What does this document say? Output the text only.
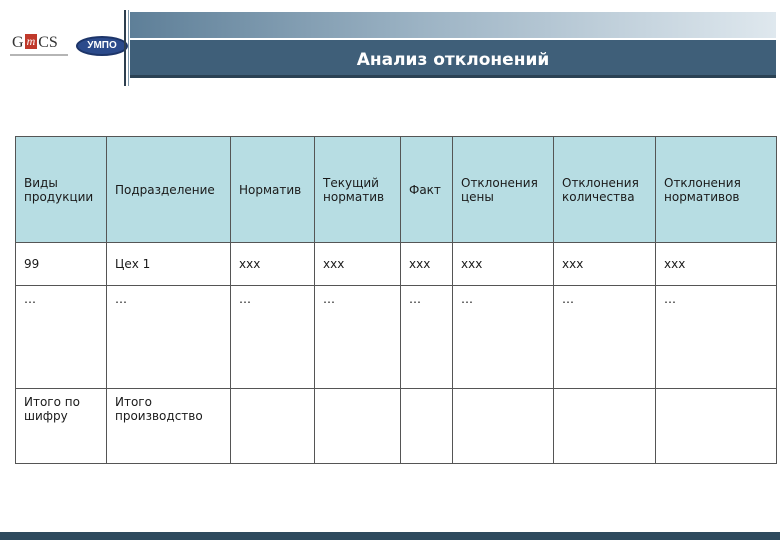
G m CS	УМПО
Анализ отклонений
Виды продукции	Подразделение	Норматив	Текущий норматив	Факт	Отклонения цены	Отклонения количества	Отклонения нормативов
99	Цех 1	ххх	ххх	ххх	ххх	ххх	ххх
…	…	…	…	…	…	…	…
Итого по шифру	Итого производство						
